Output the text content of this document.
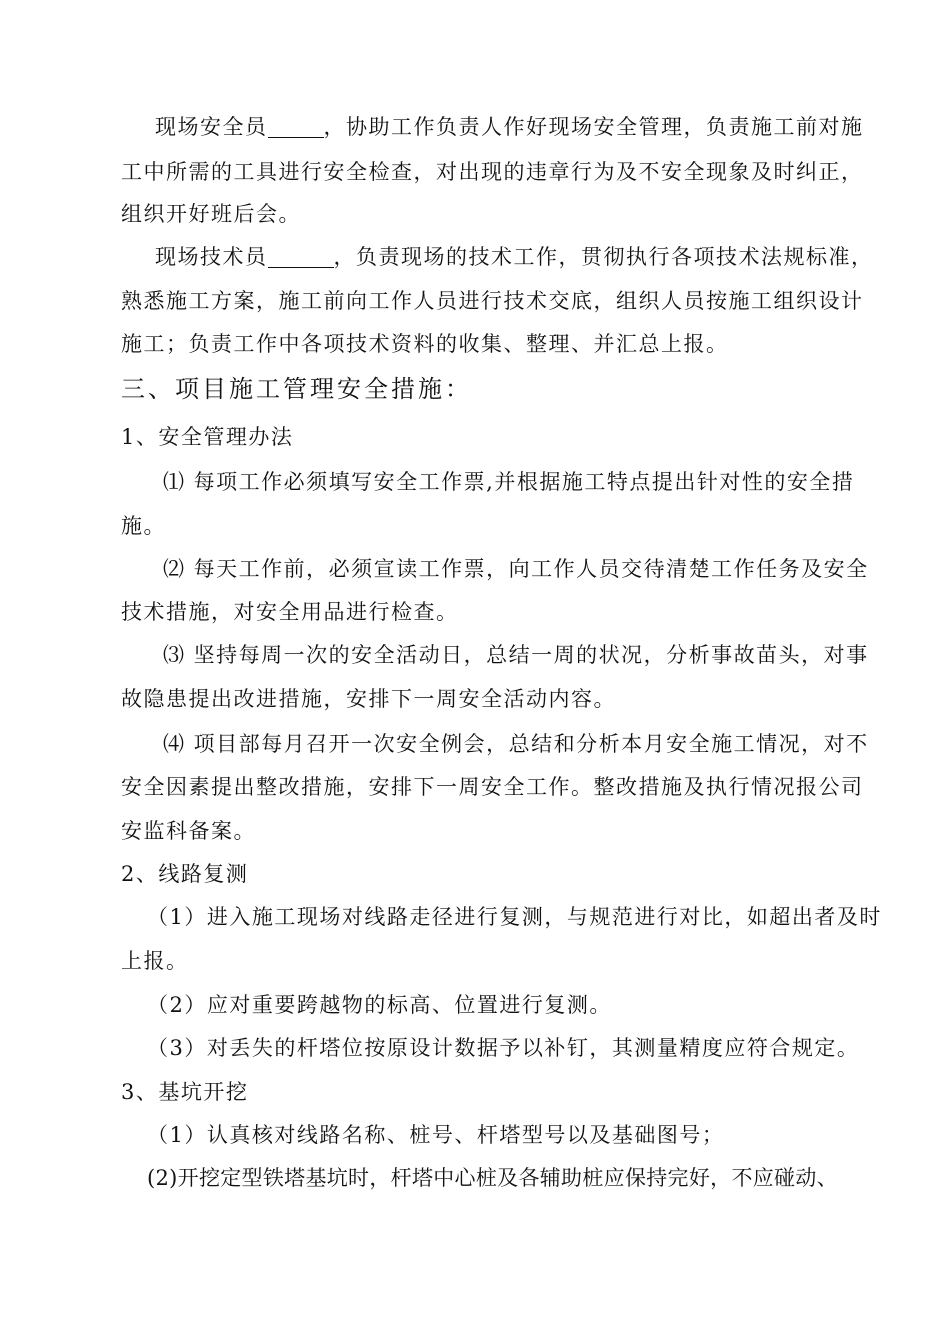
现场安全员	，协助工作负责人作好现场安全管理，负责施工前对施
工中所需的工具进行安全检查，对出现的违章行为及不安全现象及时纠正，
组织开好班后会。
现场技术员	，负责现场的技术工作，贯彻执行各项技术法规标准，
熟悉施工方案，施工前向工作人员进行技术交底，组织人员按施工组织设计
施工；负责工作中各项技术资料的收集、整理、并汇总上报。
三、项目施工管理安全措施：
1、安全管理办法
⑴ 每项工作必须填写安全工作票,并根据施工特点提出针对性的安全措
施。
⑵ 每天工作前，必须宣读工作票，向工作人员交待清楚工作任务及安全
技术措施，对安全用品进行检查。
⑶ 坚持每周一次的安全活动日，总结一周的状况，分析事故苗头，对事
故隐患提出改进措施，安排下一周安全活动内容。
⑷ 项目部每月召开一次安全例会，总结和分析本月安全施工情况，对不
安全因素提出整改措施，安排下一周安全工作。整改措施及执行情况报公司
安监科备案。
2、线路复测
（1）进入施工现场对线路走径进行复测，与规范进行对比，如超出者及时
上报。
（2）应对重要跨越物的标高、位置进行复测。
（3）对丢失的杆塔位按原设计数据予以补钉，其测量精度应符合规定。
3、基坑开挖
（1）认真核对线路名称、桩号、杆塔型号以及基础图号；
(2)开挖定型铁塔基坑时，杆塔中心桩及各辅助桩应保持完好，不应碰动、
